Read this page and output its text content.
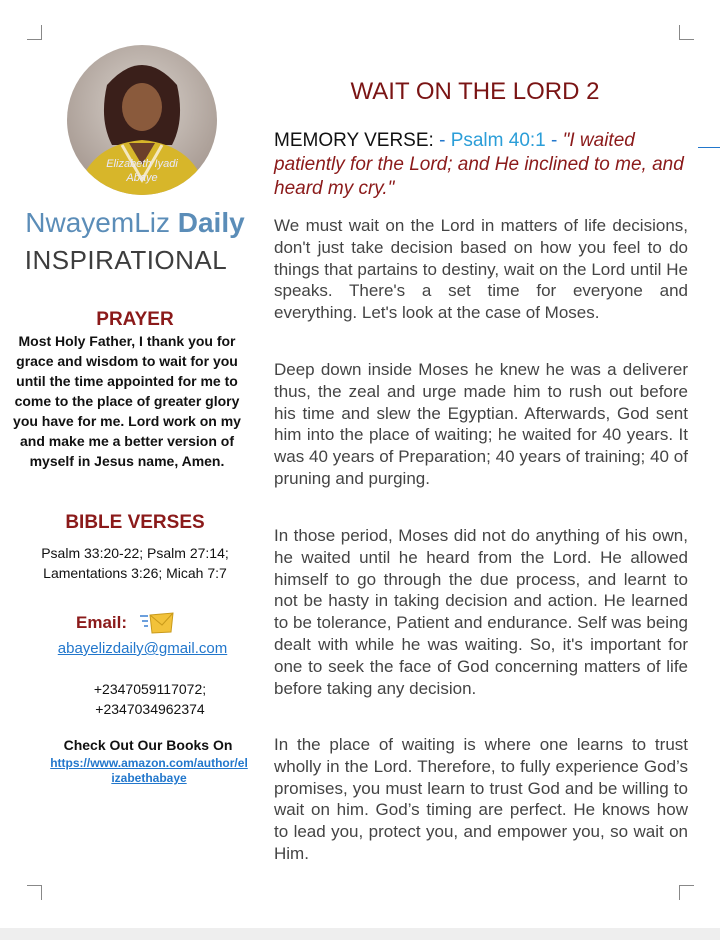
Elizabeth Iyadi
Abaye
NwayemLiz Daily
INSPIRATIONAL
PRAYER
Most Holy Father, I thank you for grace and wisdom to wait for you until the time appointed for me to come to the place of greater glory you have for me. Lord work on my and make me a better version of myself in Jesus name, Amen.
BIBLE VERSES
Psalm 33:20-22; Psalm 27:14;
Lamentations 3:26; Micah 7:7
Email:
abayelizdaily@gmail.com
+2347059117072;
+2347034962374
Check Out Our Books On
https://www.amazon.com/author/elizabethabaye
WAIT ON THE LORD 2
MEMORY VERSE: - Psalm 40:1 - "I waited patiently for the Lord; and He inclined to me, and heard my cry."
We must wait on the Lord in matters of life decisions, don't just take decision based on how you feel to do things that partains to destiny, wait on the Lord until He speaks. There's a set time for everyone and everything. Let's look at the case of Moses.
Deep down inside Moses he knew he was a deliverer thus, the zeal and urge made him to rush out before his time and slew the Egyptian. Afterwards, God sent him into the place of waiting; he waited for 40 years. It was 40 years of Preparation; 40 years of training; 40 of pruning and purging.
In those period, Moses did not do anything of his own, he waited until he heard from the Lord. He allowed himself to go through the due process, and learnt to not be hasty in taking decision and action. He learned to be tolerance, Patient and endurance. Self was being dealt with while he was waiting. So, it's important for one to seek the face of God concerning matters of life before taking any decision.
In the place of waiting is where one learns to trust wholly in the Lord. Therefore, to fully experience God’s promises, you must learn to trust God and be willing to wait on him. God’s timing are perfect. He knows how to lead you, protect you, and empower you, so wait on Him.
